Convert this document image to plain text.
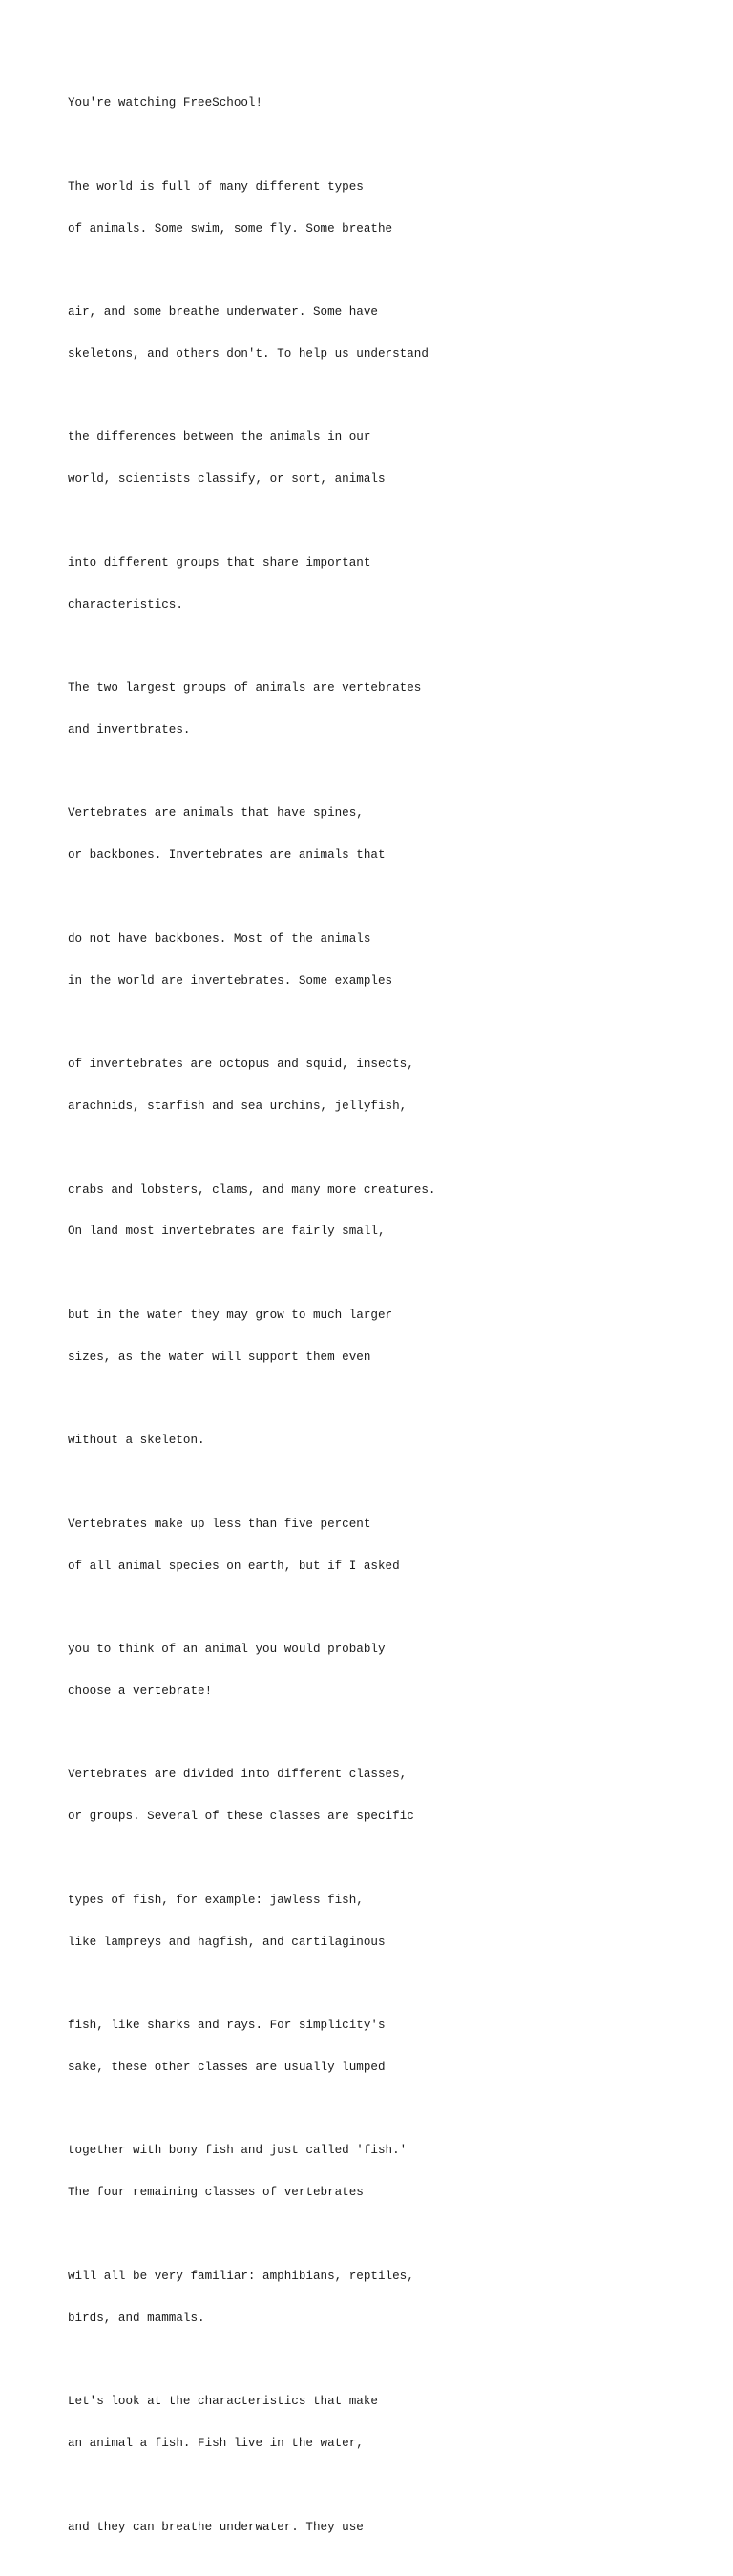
You're watching FreeSchool!

The world is full of many different types

of animals. Some swim, some fly. Some breathe

air, and some breathe underwater. Some have

skeletons, and others don't. To help us understand

the differences between the animals in our

world, scientists classify, or sort, animals

into different groups that share important

characteristics.

The two largest groups of animals are vertebrates

and invertbrates.

Vertebrates are animals that have spines,

or backbones. Invertebrates are animals that

do not have backbones. Most of the animals

in the world are invertebrates. Some examples

of invertebrates are octopus and squid, insects,

arachnids, starfish and sea urchins, jellyfish,

crabs and lobsters, clams, and many more creatures.

On land most invertebrates are fairly small,

but in the water they may grow to much larger

sizes, as the water will support them even

without a skeleton.

Vertebrates make up less than five percent

of all animal species on earth, but if I asked

you to think of an animal you would probably

choose a vertebrate!

Vertebrates are divided into different classes,

or groups. Several of these classes are specific

types of fish, for example: jawless fish,

like lampreys and hagfish, and cartilaginous

fish, like sharks and rays. For simplicity's

sake, these other classes are usually lumped

together with bony fish and just called 'fish.'

The four remaining classes of vertebrates

will all be very familiar: amphibians, reptiles,

birds, and mammals.

Let's look at the characteristics that make

an animal a fish. Fish live in the water,

and they can breathe underwater. They use
